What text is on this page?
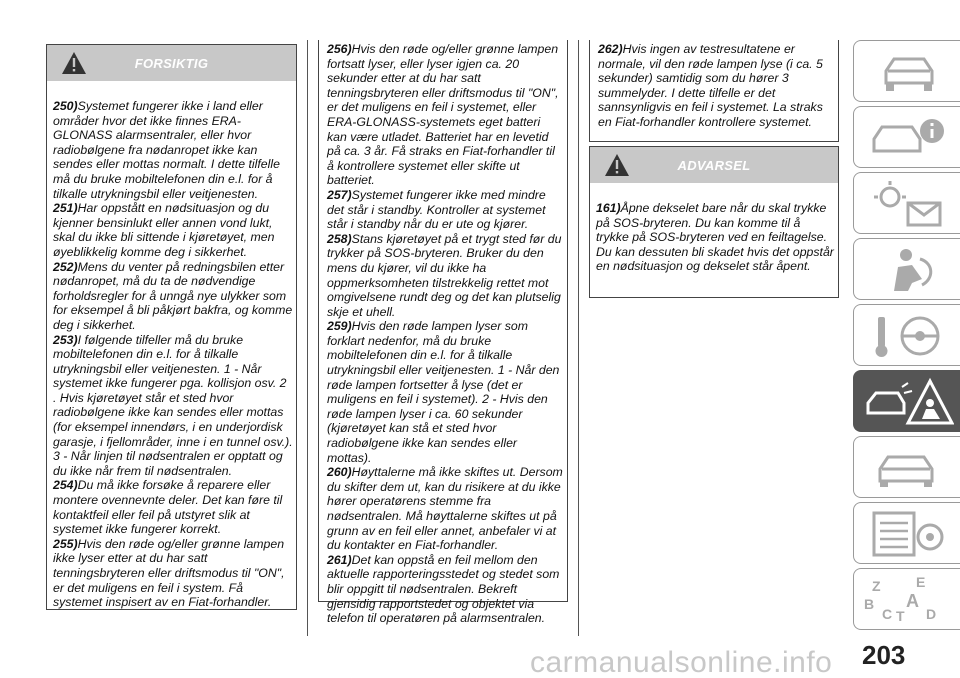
FORSIKTIG

250)Systemet fungerer ikke i land eller områder hvor det ikke finnes ERA-GLONASS alarmsentraler, eller hvor radiobølgene fra nødanropet ikke kan sendes eller mottas normalt. I dette tilfelle må du bruke mobiltelefonen din e.l. for å tilkalle utrykningsbil eller veitjenesten.

251)Har oppstått en nødsituasjon og du kjenner bensinlukt eller annen vond lukt, skal du ikke bli sittende i kjøretøyet, men øyeblikkelig komme deg i sikkerhet.

252)Mens du venter på redningsbilen etter nødanropet, må du ta de nødvendige forholdsregler for å unngå nye ulykker som for eksempel å bli påkjørt bakfra, og komme deg i sikkerhet.

253)I følgende tilfeller må du bruke mobiltelefonen din e.l. for å tilkalle utrykningsbil eller veitjenesten. 1 - Når systemet ikke fungerer pga. kollisjon osv. 2 . Hvis kjøretøyet står et sted hvor radiobølgene ikke kan sendes eller mottas (for eksempel innendørs, i en underjordisk garasje, i fjellområder, inne i en tunnel osv.). 3 - Når linjen til nødsentralen er opptatt og du ikke når frem til nødsentralen.

254)Du må ikke forsøke å reparere eller montere ovennevnte deler. Det kan føre til kontaktfeil eller feil på utstyret slik at systemet ikke fungerer korrekt.

255)Hvis den røde og/eller grønne lampen ikke lyser etter at du har satt tenningsbryteren eller driftsmodus til "ON", er det muligens en feil i system. Få systemet inspisert av en Fiat-forhandler.

256)Hvis den røde og/eller grønne lampen fortsatt lyser, eller lyser igjen ca. 20 sekunder etter at du har satt tenningsbryteren eller driftsmodus til "ON", er det muligens en feil i systemet, eller ERA-GLONASS-systemets eget batteri kan være utladet. Batteriet har en levetid på ca. 3 år. Få straks en Fiat-forhandler til å kontrollere systemet eller skifte ut batteriet.

257)Systemet fungerer ikke med mindre det står i standby. Kontroller at systemet står i standby når du er ute og kjører.

258)Stans kjøretøyet på et trygt sted før du trykker på SOS-bryteren. Bruker du den mens du kjører, vil du ikke ha oppmerksomheten tilstrekkelig rettet mot omgivelsene rundt deg og det kan plutselig skje et uhell.

259)Hvis den røde lampen lyser som forklart nedenfor, må du bruke mobiltelefonen din e.l. for å tilkalle utrykningsbil eller veitjenesten. 1 - Når den røde lampen fortsetter å lyse (det er muligens en feil i systemet). 2 - Hvis den røde lampen lyser i ca. 60 sekunder (kjøretøyet kan stå et sted hvor radiobølgene ikke kan sendes eller mottas).

260)Høyttalerne må ikke skiftes ut. Dersom du skifter dem ut, kan du risikere at du ikke hører operatørens stemme fra nødsentralen. Må høyttalerne skiftes ut på grunn av en feil eller annet, anbefaler vi at du kontakter en Fiat-forhandler.

261)Det kan oppstå en feil mellom den aktuelle rapporteringsstedet og stedet som blir oppgitt til nødsentralen. Bekreft gjensidig rapportstedet og objektet via telefon til operatøren på alarmsentralen.

262)Hvis ingen av testresultatene er normale, vil den røde lampen lyse (i ca. 5 sekunder) samtidig som du hører 3 summelyder. I dette tilfelle er det sannsynligvis en feil i systemet. La straks en Fiat-forhandler kontrollere systemet.

ADVARSEL

161)Åpne dekselet bare når du skal trykke på SOS-bryteren. Du kan komme til å trykke på SOS-bryteren ved en feiltagelse. Du kan dessuten bli skadet hvis det oppstår en nødsituasjon og dekselet står åpent.

Z	E
B A
C T D
carmanualsonline.info 203
